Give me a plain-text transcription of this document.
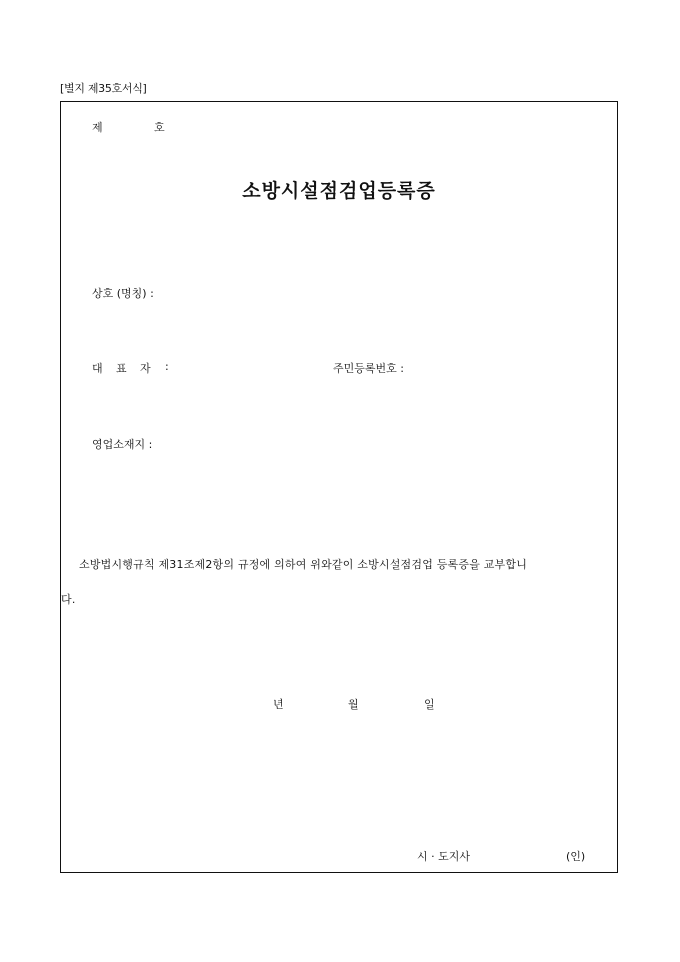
[별지 제35호서식]
제	호
소방시설점검업등록증
상호 (명칭) :
대 표 자 :	주민등록번호 :
영업소재지 :
소방법시행규칙 제31조제2항의 규정에 의하여 위와같이 소방시설점검업 등록증을 교부합니
다.
년	월	일
시 · 도지사	(인)
